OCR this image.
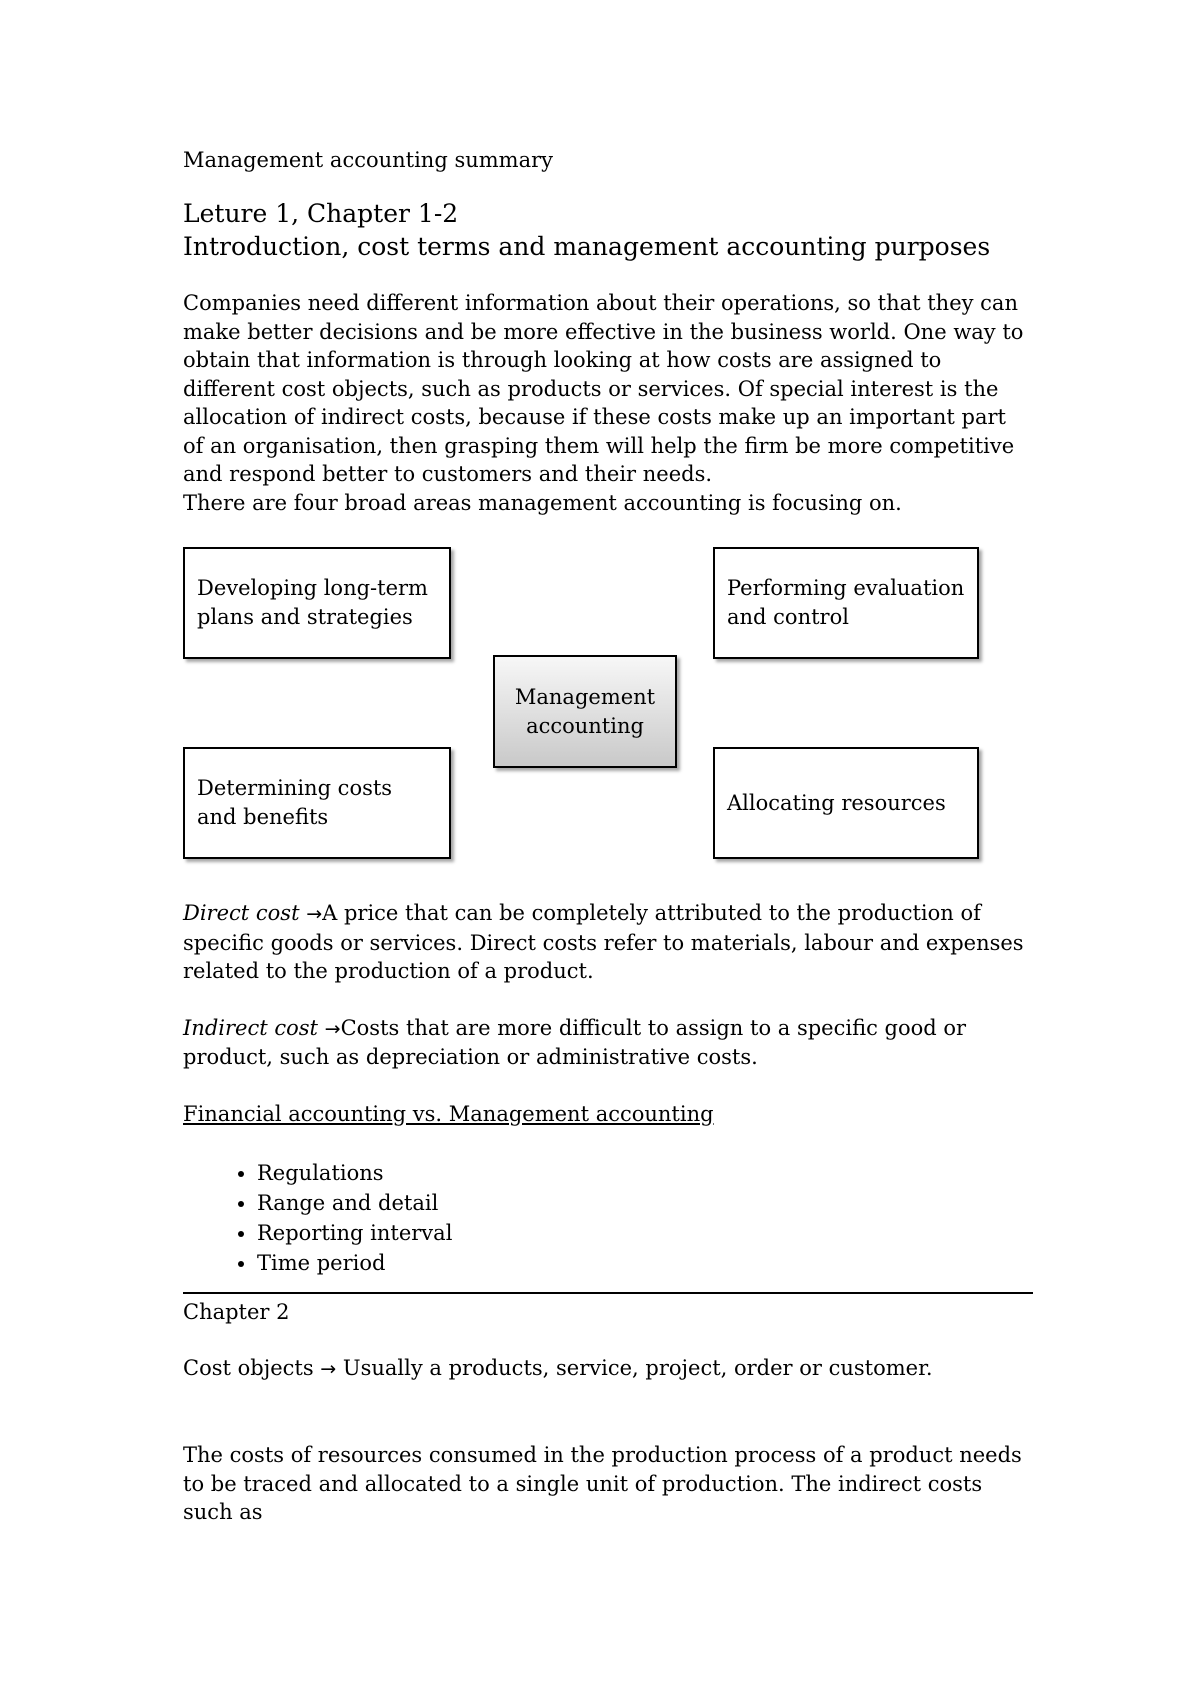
Management accounting summary
Leture 1, Chapter 1-2
Introduction, cost terms and management accounting purposes

Companies need different information about their operations, so that they can make better decisions and be more effective in the business world. One way to obtain that information is through looking at how costs are assigned to different cost objects, such as products or services. Of special interest is the allocation of indirect costs, because if these costs make up an important part of an organisation, then grasping them will help the firm be more competitive and respond better to customers and their needs.

There are four broad areas management accounting is focusing on.

Developing long-term plans and strategies
Performing evaluation and control
Management accounting
Determining costs and benefits
Allocating resources

Direct cost →A price that can be completely attributed to the production of specific goods or services. Direct costs refer to materials, labour and expenses related to the production of a product.

Indirect cost →Costs that are more difficult to assign to a specific good or product, such as depreciation or administrative costs.

Financial accounting vs. Management accounting

• Regulations
• Range and detail
• Reporting interval
• Time period

Chapter 2

Cost objects → Usually a products, service, project, order or customer.

The costs of resources consumed in the production process of a product needs to be traced and allocated to a single unit of production. The indirect costs such as
